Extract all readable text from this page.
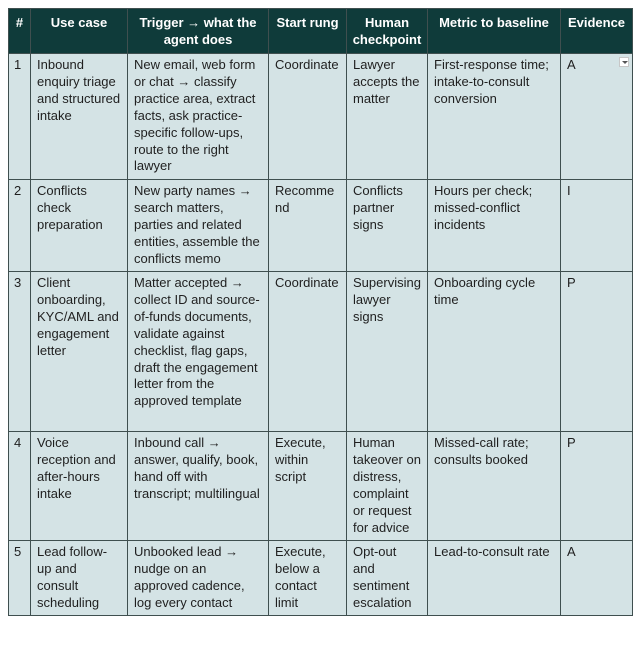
#	Use case	Trigger → what the agent does	Start rung	Human checkpoint	Metric to baseline	Evidence
1	Inbound enquiry triage and structured intake	New email, web form or chat → classify practice area, extract facts, ask practice-specific follow-ups, route to the right lawyer	Coordinate	Lawyer accepts the matter	First-response time; intake-to-consult conversion	A

2	Conflicts check preparation	New party names → search matters, parties and related entities, assemble the conflicts memo	Recommend	Conflicts partner signs	Hours per check; missed-conflict incidents	I
3	Client onboarding, KYC/AML and engagement letter	Matter accepted → collect ID and source-of-funds documents, validate against checklist, flag gaps, draft the engagement letter from the approved template	Coordinate	Supervising lawyer signs	Onboarding cycle time	P
4	Voice reception and after-hours intake	Inbound call → answer, qualify, book, hand off with transcript; multilingual	Execute, within script	Human takeover on distress, complaint or request for advice	Missed-call rate; consults booked	P
5	Lead follow-up and consult scheduling	Unbooked lead → nudge on an approved cadence, log every contact	Execute, below a contact limit	Opt-out and sentiment escalation	Lead-to-consult rate	A
